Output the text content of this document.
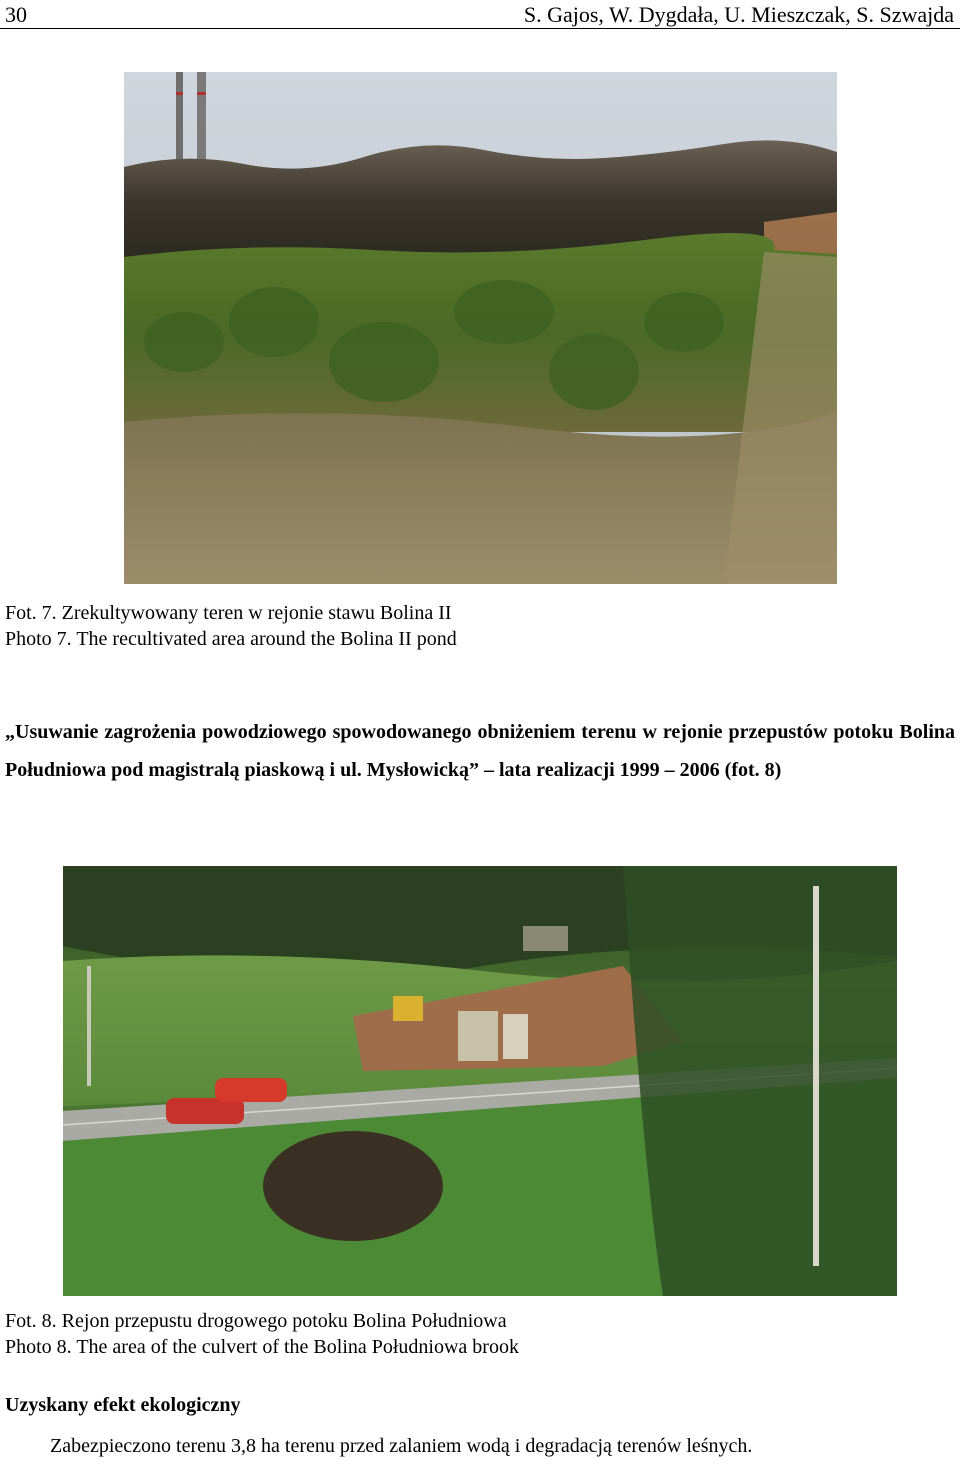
30	S. Gajos, W. Dygdała, U. Mieszczak, S. Szwajda
Fot. 7. Zrekultywowany teren w rejonie stawu Bolina II
Photo 7. The recultivated area around the Bolina II pond
„Usuwanie zagrożenia powodziowego spowodowanego obniżeniem terenu w rejonie przepustów potoku Bolina Południowa pod magistralą piaskową i ul. Mysłowicką” – lata realizacji 1999 – 2006 (fot. 8)
Fot. 8. Rejon przepustu drogowego potoku Bolina Południowa
Photo 8. The area of the culvert of the Bolina Południowa brook
Uzyskany efekt ekologiczny
Zabezpieczono terenu 3,8 ha terenu przed zalaniem wodą i degradacją terenów leśnych.
